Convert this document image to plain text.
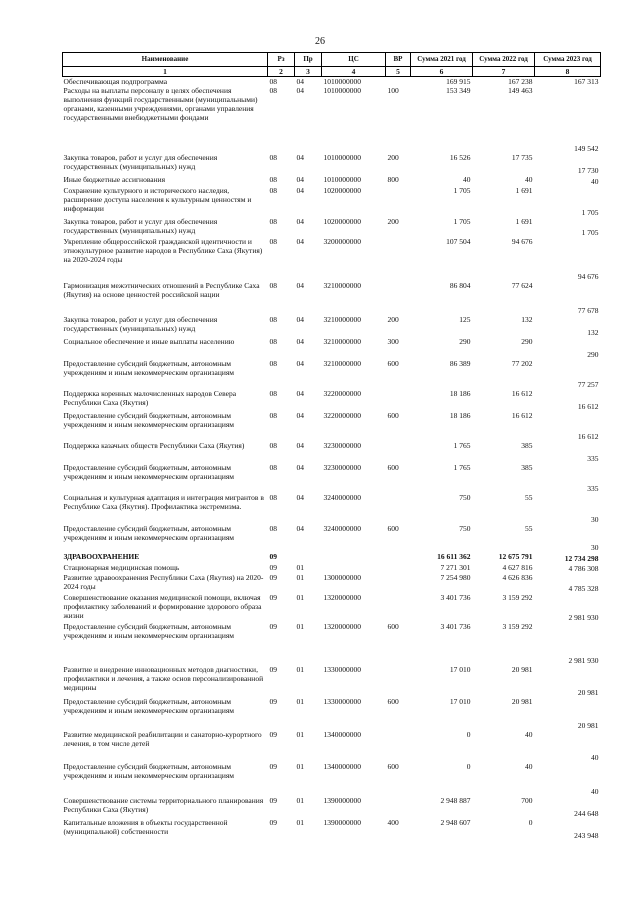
26
Наименование	Рз	Пр	ЦС	ВР	Сумма 2021 год	Сумма 2022 год	Сумма 2023 год
1	2	3	4	5	6	7	8
Обеспечивающая подпрограмма	08	04	1010000000		169 915	167 238	167 313
Расходы на выплаты персоналу в целях обеспечения выполнения функций государственными (муниципальными) органами, казенными учреждениями, органами управления государственными внебюджетными фондами	08	04	1010000000	100	153 349	149 463	149 542
Закупка товаров, работ и услуг для обеспечения государственных (муниципальных) нужд	08	04	1010000000	200	16 526	17 735	17 730
Иные бюджетные ассигнования	08	04	1010000000	800	40	40	40
Сохранение культурного и исторического наследия, расширение доступа населения к культурным ценностям и информации	08	04	1020000000		1 705	1 691	1 705
Закупка товаров, работ и услуг для обеспечения государственных (муниципальных) нужд	08	04	1020000000	200	1 705	1 691	1 705
Укрепление общероссийской гражданской идентичности и этнокультурное развитие народов в Республике Саха (Якутия) на 2020-2024 годы	08	04	3200000000		107 504	94 676	94 676
Гармонизация межэтнических отношений в Республике Саха (Якутия) на основе ценностей российской нации	08	04	3210000000		86 804	77 624	77 678
Закупка товаров, работ и услуг для обеспечения государственных (муниципальных) нужд	08	04	3210000000	200	125	132	132
Социальное обеспечение и иные выплаты населению	08	04	3210000000	300	290	290	290
Предоставление субсидий бюджетным, автономным учреждениям и иным некоммерческим организациям	08	04	3210000000	600	86 389	77 202	77 257
Поддержка коренных малочисленных народов Севера Республики Саха (Якутия)	08	04	3220000000		18 186	16 612	16 612
Предоставление субсидий бюджетным, автономным учреждениям и иным некоммерческим организациям	08	04	3220000000	600	18 186	16 612	16 612
Поддержка казачьих обществ Республики Саха (Якутия)	08	04	3230000000		1 765	385	335
Предоставление субсидий бюджетным, автономным учреждениям и иным некоммерческим организациям	08	04	3230000000	600	1 765	385	335
Социальная и культурная адаптация и интеграция мигрантов в Республике Саха (Якутия). Профилактика экстремизма.	08	04	3240000000		750	55	30
Предоставление субсидий бюджетным, автономным учреждениям и иным некоммерческим организациям	08	04	3240000000	600	750	55	30
ЗДРАВООХРАНЕНИЕ	09				16 611 362	12 675 791	12 734 298
Стационарная медицинская помощь	09	01			7 271 301	4 627 816	4 786 308
Развитие здравоохранения Республики Саха (Якутия) на 2020-2024 годы	09	01	1300000000		7 254 980	4 626 836	4 785 328
Совершенствование оказания медицинской помощи, включая профилактику заболеваний и формирование здорового образа жизни	09	01	1320000000		3 401 736	3 159 292	2 981 930
Предоставление субсидий бюджетным, автономным учреждениям и иным некоммерческим организациям	09	01	1320000000	600	3 401 736	3 159 292	2 981 930
Развитие и внедрение инновационных методов диагностики, профилактики и лечения, а также основ персонализированной медицины	09	01	1330000000		17 010	20 981	20 981
Предоставление субсидий бюджетным, автономным учреждениям и иным некоммерческим организациям	09	01	1330000000	600	17 010	20 981	20 981
Развитие медицинской реабилитации и санаторно-курортного лечения, в том числе детей	09	01	1340000000		0	40	40
Предоставление субсидий бюджетным, автономным учреждениям и иным некоммерческим организациям	09	01	1340000000	600	0	40	40
Совершенствование системы территориального планирования Республики Саха (Якутия)	09	01	1390000000		2 948 887	700	244 648
Капитальные вложения в объекты государственной (муниципальной) собственности	09	01	1390000000	400	2 948 607	0	243 948
